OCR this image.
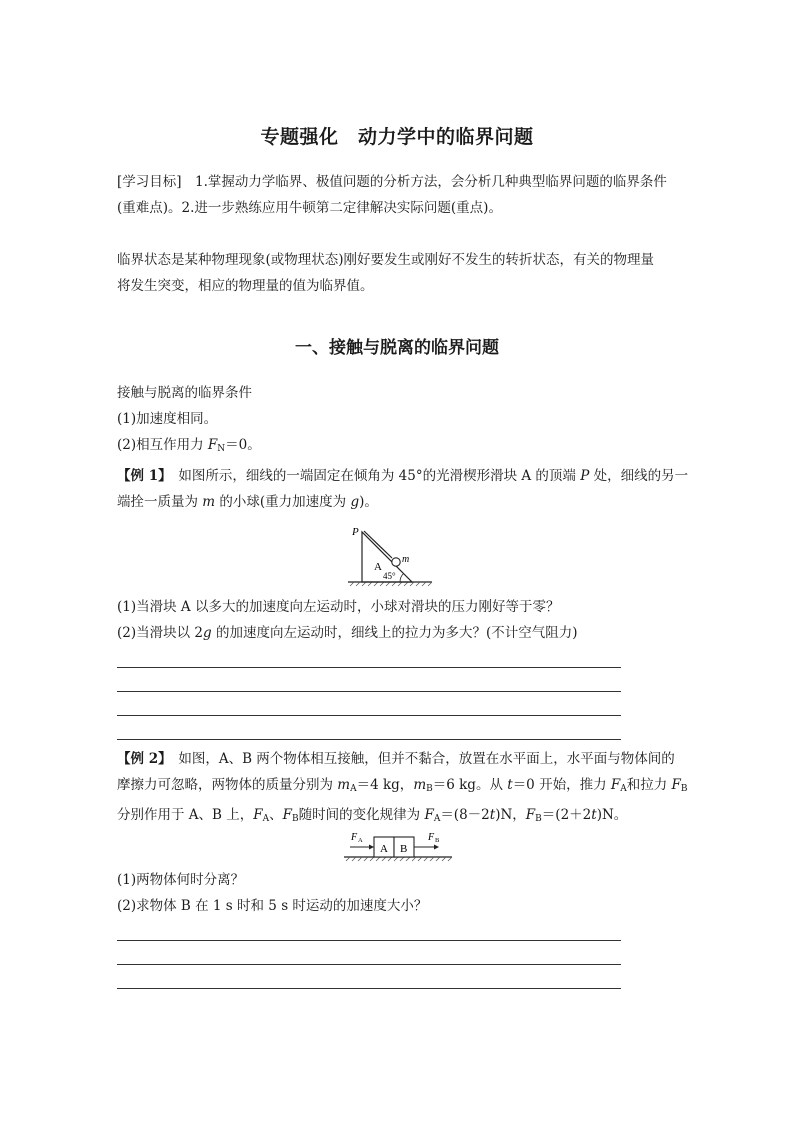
专题强化　动力学中的临界问题
[学习目标]　1.掌握动力学临界、极值问题的分析方法，会分析几种典型临界问题的临界条件
(重难点)。2.进一步熟练应用牛顿第二定律解决实际问题(重点)。
临界状态是某种物理现象(或物理状态)刚好要发生或刚好不发生的转折状态，有关的物理量
将发生突变，相应的物理量的值为临界值。
一、接触与脱离的临界问题
接触与脱离的临界条件
(1)加速度相同。
(2)相互作用力 $F_N=0$。
【例 1】　如图所示，细线的一端固定在倾角为 45°的光滑楔形滑块 A 的顶端 P 处，细线的另一
端拴一质量为 m 的小球(重力加速度为 g)。
P
m
A
45°
(1)当滑块 A 以多大的加速度向左运动时，小球对滑块的压力刚好等于零？
(2)当滑块以 2g 的加速度向左运动时，细线上的拉力为多大？(不计空气阻力)
【例 2】　如图，A、B 两个物体相互接触，但并不黏合，放置在水平面上，水平面与物体间的
摩擦力可忽略，两物体的质量分别为 $m_A=4$ kg，$m_B=6$ kg。从 t＝0 开始，推力 $F_A$和拉力 $F_B$
分别作用于 A、B 上，$F_A$、$F_B$随时间的变化规律为 $F_A=(8-2t)N$，$F_B=(2+2t)N$。
A B
F A	F B
(1)两物体何时分离？
(2)求物体 B 在 1 s 时和 5 s 时运动的加速度大小？
